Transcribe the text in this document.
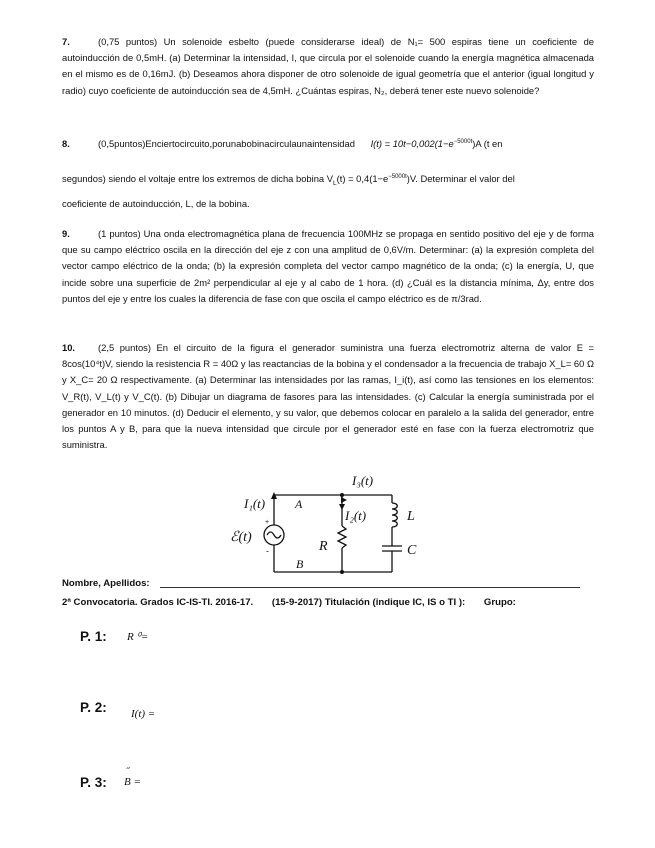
7.	(0,75 puntos) Un solenoide esbelto (puede considerarse ideal) de N₁= 500 espiras tiene un coeficiente de autoinducción de 0,5mH. (a) Determinar la intensidad, I, que circula por el solenoide cuando la energía magnética almacenada en el mismo es de 0,16mJ. (b) Deseamos ahora disponer de otro solenoide de igual geometría que el anterior (igual longitud y radio) cuyo coeficiente de autoinducción sea de 4,5mH. ¿Cuántas espiras, N₂, deberá tener este nuevo solenoide?
8.	(0,5puntos)Enciertocircuito,porunabobinacirculaunaintensidad $I(t) = 10t-0,002(1-e^{-5000t})A$ (t en
segundos) siendo el voltaje entre los extremos de dicha bobina $V_L(t) = 0,4(1-e^{-5000t})V$. Determinar el valor del
coeficiente de autoinducción, L, de la bobina.
9.	(1 puntos) Una onda electromagnética plana de frecuencia 100MHz se propaga en sentido positivo del eje y de forma que su campo eléctrico oscila en la dirección del eje z con una amplitud de 0,6V/m. Determinar: (a) la expresión completa del vector campo eléctrico de la onda; (b) la expresión completa del vector campo magnético de la onda; (c) la energía, U, que incide sobre una superficie de 2m² perpendicular al eje y al cabo de 1 hora. (d) ¿Cuál es la distancia mínima, Δy, entre dos puntos del eje y entre los cuales la diferencia de fase con que oscila el campo eléctrico es de π/3rad.
10. (2,5 puntos) En el circuito de la figura el generador suministra una fuerza electromotriz alterna de valor E = 8cos(10⁴t)V, siendo la resistencia R = 40Ω y las reactancias de la bobina y el condensador a la frecuencia de trabajo X_L= 60 Ω y X_C= 20 Ω respectivamente. (a) Determinar las intensidades por las ramas, I_i(t), así como las tensiones en los elementos: V_R(t), V_L(t) y V_C(t). (b) Dibujar un diagrama de fasores para las intensidades. (c) Calcular la energía suministrada por el generador en 10 minutos. (d) Deducir el elemento, y su valor, que debemos colocar en paralelo a la salida del generador, entre los puntos A y B, para que la nueva intensidad que circule por el generador esté en fase con la fuerza electromotriz que suministra.
I₁(t)
I₃(t)
I₂(t)
A
B
R
L
C
ℰ(t)
+
-
Nombre, Apellidos:
2ª Convocatoria. Grados IC-IS-TI. 2016-17. (15-9-2017) Titulación (indique IC, IS o TI ): Grupo:
P. 1: R ⁰=
P. 2: I(t) =
P. 3:
˝
B =
